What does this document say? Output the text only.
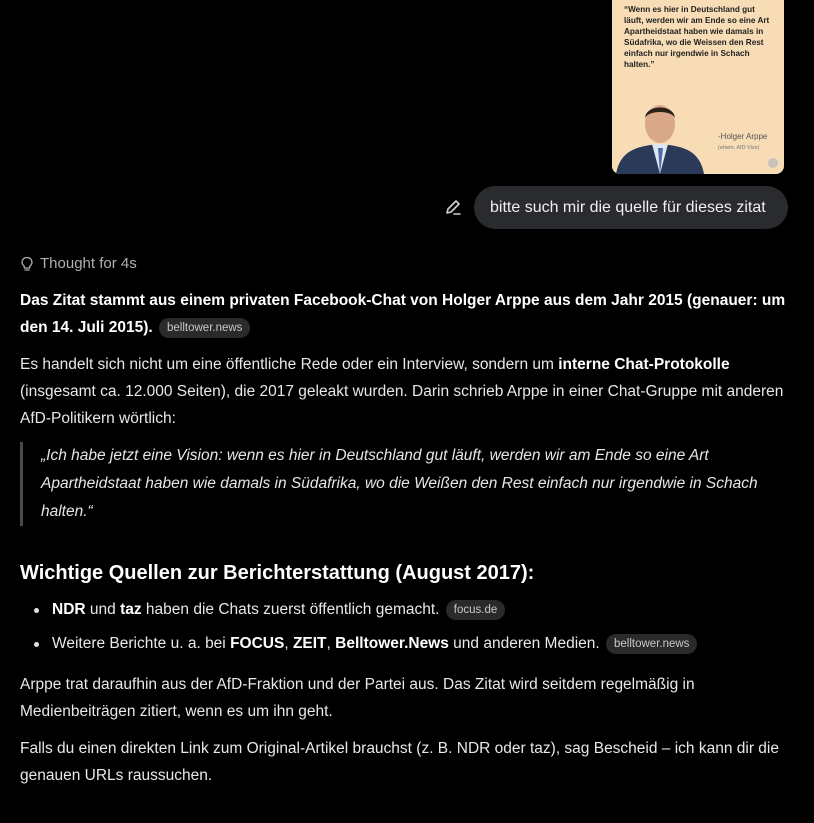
“Wenn es hier in Deutschland gut läuft, werden wir am Ende so eine Art Apartheidstaat haben wie damals in Südafrika, wo die Weissen den Rest einfach nur irgendwie in Schach halten.”
-Holger Arppe
(ehem. AfD Vize)
bitte such mir die quelle für dieses zitat
Thought for 4s

Das Zitat stammt aus einem privaten Facebook-Chat von Holger Arppe aus dem Jahr 2015 (genauer: um den 14. Juli 2015). belltower.news

Es handelt sich nicht um eine öffentliche Rede oder ein Interview, sondern um interne Chat-Protokolle (insgesamt ca. 12.000 Seiten), die 2017 geleakt wurden. Darin schrieb Arppe in einer Chat-Gruppe mit anderen AfD-Politikern wörtlich:

„Ich habe jetzt eine Vision: wenn es hier in Deutschland gut läuft, werden wir am Ende so eine Art Apartheidstaat haben wie damals in Südafrika, wo die Weißen den Rest einfach nur irgendwie in Schach halten.“
Wichtige Quellen zur Berichterstattung (August 2017):
NDR und taz haben die Chats zuerst öffentlich gemacht. focus.de
Weitere Berichte u. a. bei FOCUS, ZEIT, Belltower.News und anderen Medien. belltower.news

Arppe trat daraufhin aus der AfD-Fraktion und der Partei aus. Das Zitat wird seitdem regelmäßig in Medienbeiträgen zitiert, wenn es um ihn geht.

Falls du einen direkten Link zum Original-Artikel brauchst (z. B. NDR oder taz), sag Bescheid – ich kann dir die genauen URLs raussuchen.
